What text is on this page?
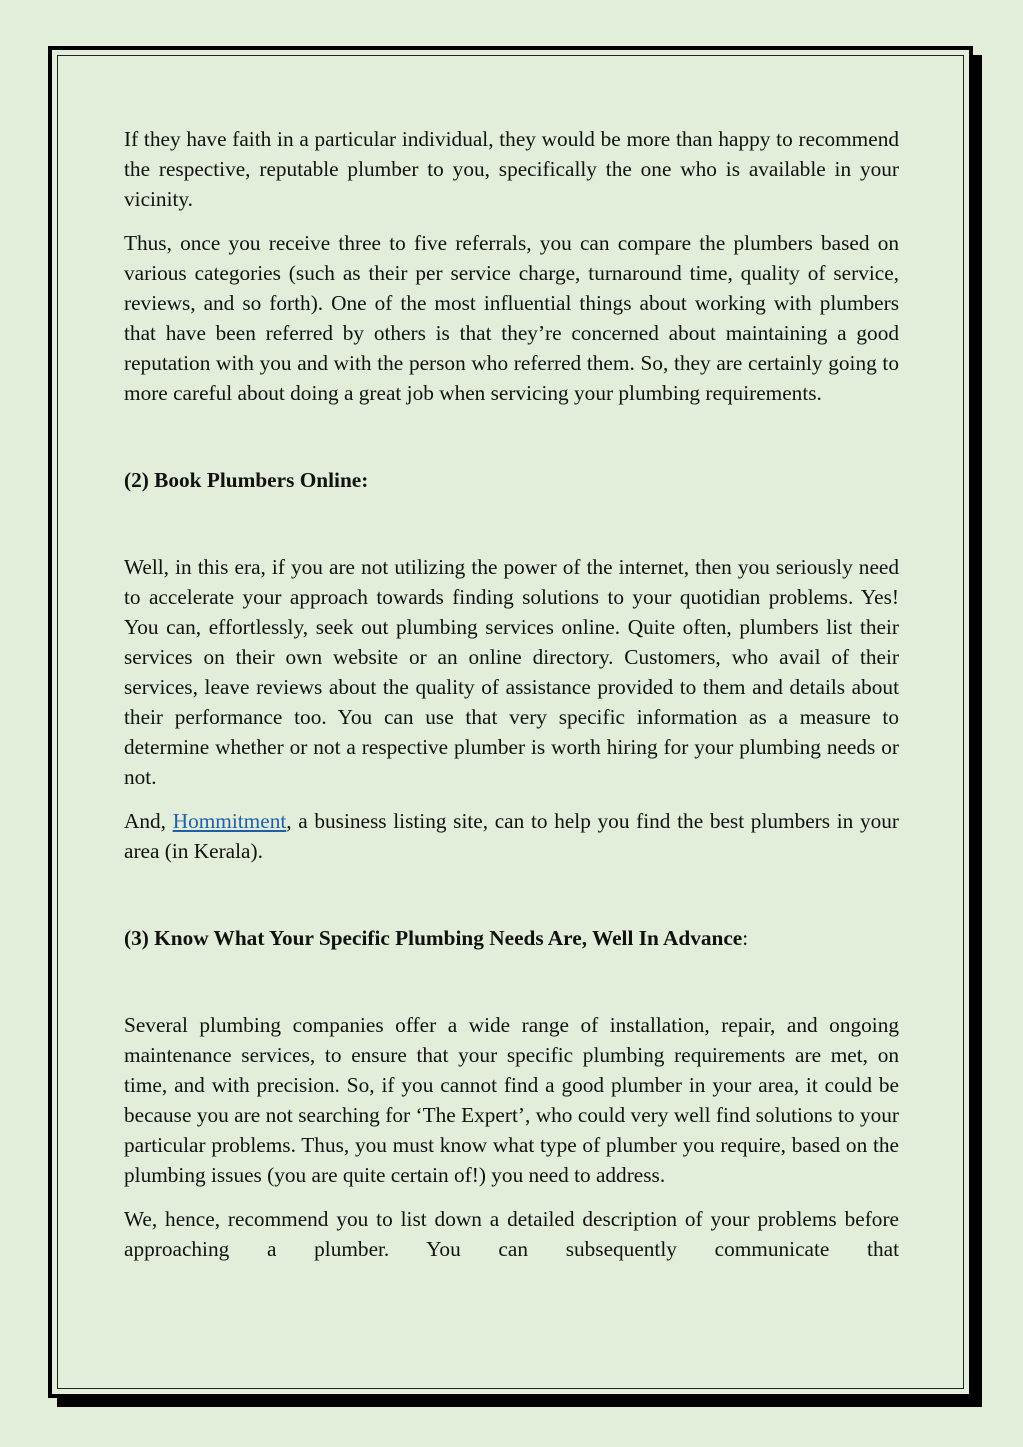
If they have faith in a particular individual, they would be more than happy to recommend the respective, reputable plumber to you, specifically the one who is available in your vicinity.

Thus, once you receive three to five referrals, you can compare the plumbers based on various categories (such as their per service charge, turnaround time, quality of service, reviews, and so forth). One of the most influential things about working with plumbers that have been referred by others is that they’re concerned about maintaining a good reputation with you and with the person who referred them. So, they are certainly going to more careful about doing a great job when servicing your plumbing requirements.

(2) Book Plumbers Online:

Well, in this era, if you are not utilizing the power of the internet, then you seriously need to accelerate your approach towards finding solutions to your quotidian problems. Yes! You can, effortlessly, seek out plumbing services online. Quite often, plumbers list their services on their own website or an online directory. Customers, who avail of their services, leave reviews about the quality of assistance provided to them and details about their performance too. You can use that very specific information as a measure to determine whether or not a respective plumber is worth hiring for your plumbing needs or not.

And, Hommitment, a business listing site, can to help you find the best plumbers in your area (in Kerala).

(3) Know What Your Specific Plumbing Needs Are, Well In Advance:

Several plumbing companies offer a wide range of installation, repair, and ongoing maintenance services, to ensure that your specific plumbing requirements are met, on time, and with precision. So, if you cannot find a good plumber in your area, it could be because you are not searching for ‘The Expert’, who could very well find solutions to your particular problems. Thus, you must know what type of plumber you require, based on the plumbing issues (you are quite certain of!) you need to address.

We, hence, recommend you to list down a detailed description of your problems before approaching a plumber. You can subsequently communicate that
